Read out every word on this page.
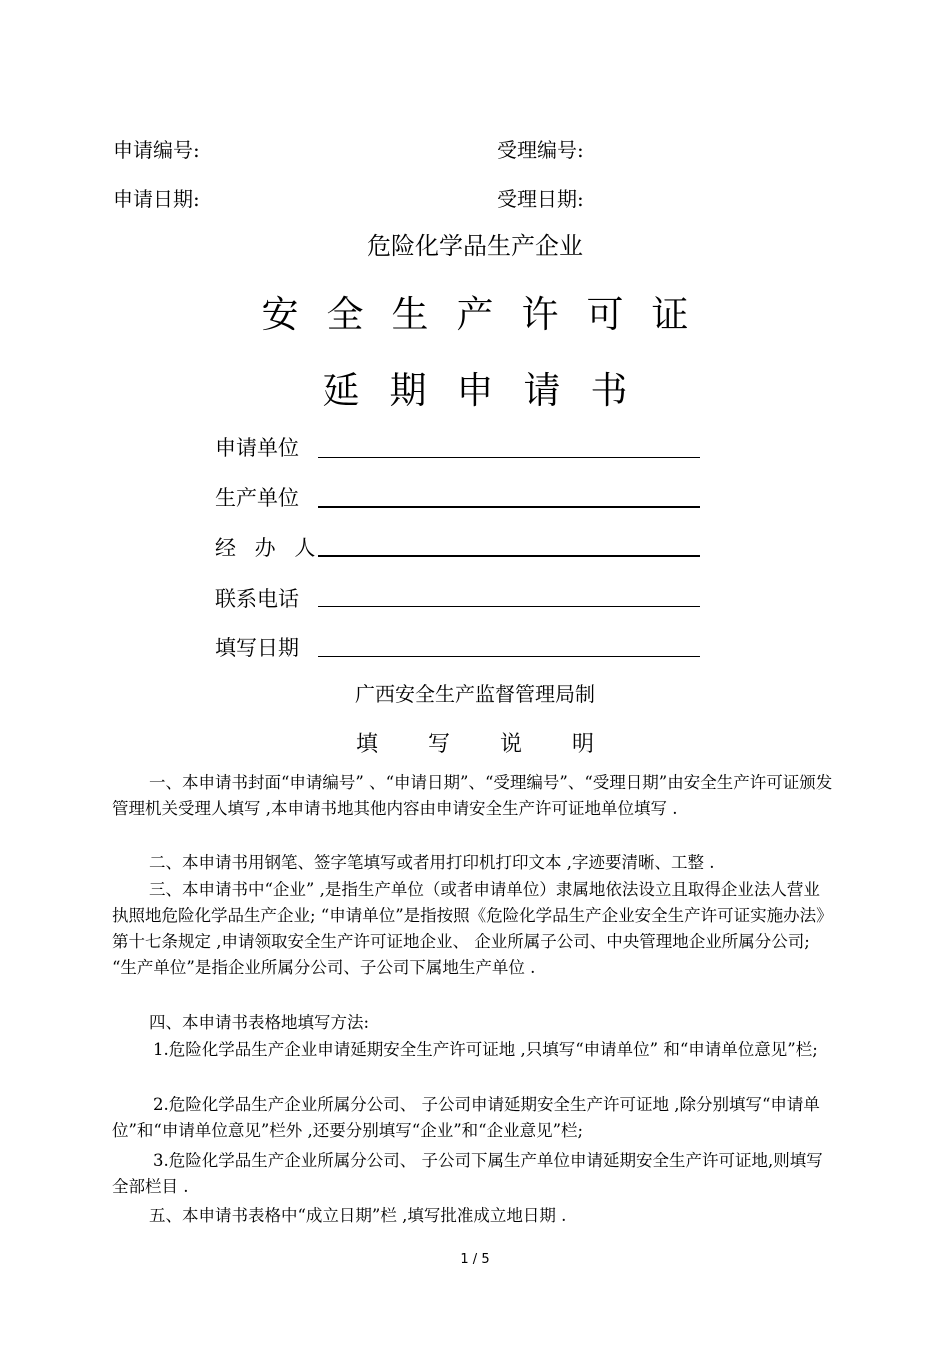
申请编号:	受理编号:
申请日期:	受理日期:
危险化学品生产企业
安全生产许可证
延期申请书
申请单位
生产单位
经 办 人
联系电话
填写日期
广西安全生产监督管理局制
填写说明
一、本申请书封面“申请编号” 、“申请日期”、“受理编号”、“受理日期”由安全生产许可证颁发管理机关受理人填写 ,本申请书地其他内容由申请安全生产许可证地单位填写 .
二、本申请书用钢笔、签字笔填写或者用打印机打印文本 ,字迹要清晰、工整 .
三、本申请书中“企业” ,是指生产单位（或者申请单位）隶属地依法设立且取得企业法人营业执照地危险化学品生产企业; “申请单位”是指按照《危险化学品生产企业安全生产许可证实施办法》 第十七条规定 ,申请领取安全生产许可证地企业、 企业所属子公司、中央管理地企业所属分公司; “生产单位”是指企业所属分公司、子公司下属地生产单位 .
四、本申请书表格地填写方法:
1.危险化学品生产企业申请延期安全生产许可证地 ,只填写“申请单位” 和“申请单位意见”栏;
2.危险化学品生产企业所属分公司、 子公司申请延期安全生产许可证地 ,除分别填写“申请单位”和“申请单位意见”栏外 ,还要分别填写“企业”和“企业意见”栏;
3.危险化学品生产企业所属分公司、 子公司下属生产单位申请延期安全生产许可证地,则填写全部栏目 .
五、本申请书表格中“成立日期”栏 ,填写批准成立地日期 .
1 / 5
